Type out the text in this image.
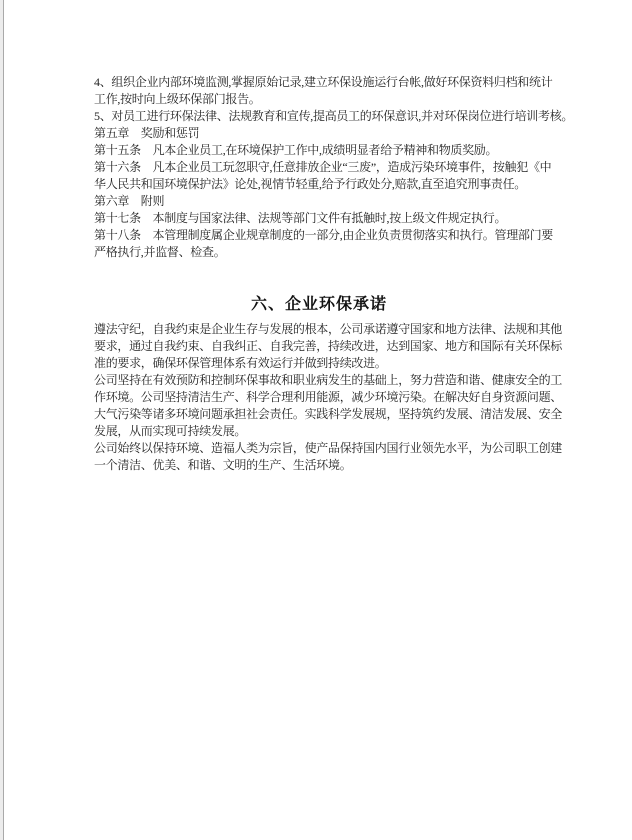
4、组织企业内部环境监测,掌握原始记录,建立环保设施运行台帐,做好环保资料归档和统计
工作,按时向上级环保部门报告。
5、对员工进行环保法律、法规教育和宣传,提高员工的环保意识,并对环保岗位进行培训考核。
第五章　奖励和惩罚
第十五条　凡本企业员工,在环境保护工作中,成绩明显者给予精神和物质奖励。
第十六条　凡本企业员工玩忽职守,任意排放企业“三废”，造成污染环境事件，按触犯《中
华人民共和国环境保护法》论处,视情节轻重,给予行政处分,赔款,直至追究刑事责任。
第六章　附则
第十七条　本制度与国家法律、法规等部门文件有抵触时,按上级文件规定执行。
第十八条　本管理制度属企业规章制度的一部分,由企业负责贯彻落实和执行。管理部门要
严格执行,并监督、检查。
六、企业环保承诺
遵法守纪，自我约束是企业生存与发展的根本，公司承诺遵守国家和地方法律、法规和其他
要求，通过自我约束、自我纠正、自我完善，持续改进，达到国家、地方和国际有关环保标
准的要求，确保环保管理体系有效运行并做到持续改进。
公司坚持在有效预防和控制环保事故和职业病发生的基础上，努力营造和谐、健康安全的工
作环境。公司坚持清洁生产、科学合理利用能源，减少环境污染。在解决好自身资源问题、
大气污染等诸多环境问题承担社会责任。实践科学发展规，坚持筑约发展、清洁发展、安全
发展，从而实现可持续发展。
公司始终以保持环境、造福人类为宗旨，使产品保持国内国行业领先水平，为公司职工创建
一个清洁、优美、和谐、文明的生产、生活环境。
